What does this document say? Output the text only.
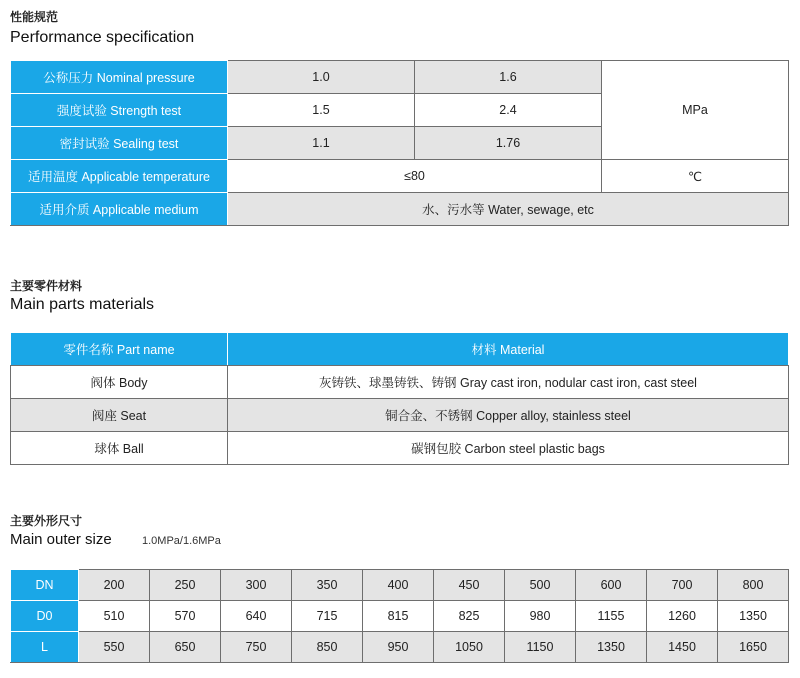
性能规范
Performance specification
公称压力 Nominal pressure	1.0	1.6	MPa
强度试验 Strength test	1.5	2.4	
密封试验 Sealing test	1.1	1.76	
适用温度 Applicable temperature	≤80		℃
适用介质 Applicable medium	水、污水等 Water, sewage, etc		
主要零件材料
Main parts materials
零件名称 Part name	材料 Material
阀体 Body	灰铸铁、球墨铸铁、铸钢 Gray cast iron, nodular cast iron, cast steel
阀座 Seat	铜合金、不锈钢 Copper alloy, stainless steel
球体 Ball	碳钢包胶 Carbon steel plastic bags
主要外形尺寸
Main outer size	1.0MPa/1.6MPa
DN	200	250	300	350	400	450	500	600	700	800
D0	510	570	640	715	815	825	980	1155	1260	1350
L	550	650	750	850	950	1050	1150	1350	1450	1650
